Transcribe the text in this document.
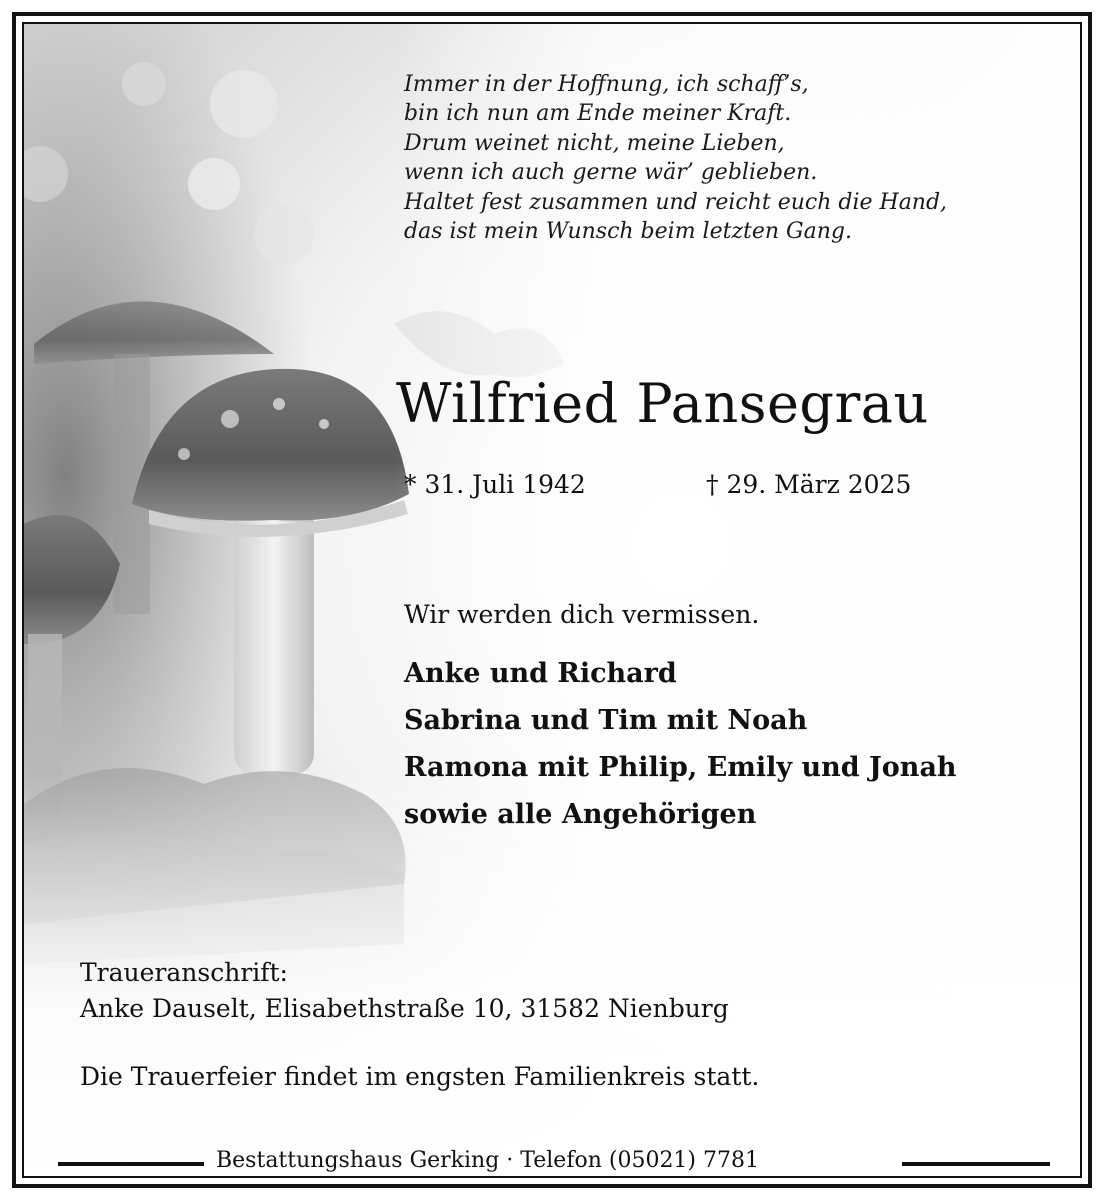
Immer in der Hoffnung, ich schaff’s,
bin ich nun am Ende meiner Kraft.
Drum weinet nicht, meine Lieben,
wenn ich auch gerne wär’ geblieben.
Haltet fest zusammen und reicht euch die Hand,
das ist mein Wunsch beim letzten Gang.
Wilfried Pansegrau
* 31. Juli 1942	† 29. März 2025
Wir werden dich vermissen.
Anke und Richard
Sabrina und Tim mit Noah
Ramona mit Philip, Emily und Jonah
sowie alle Angehörigen
Traueranschrift:
Anke Dauselt, Elisabethstraße 10, 31582 Nienburg
Die Trauerfeier findet im engsten Familienkreis statt.
Bestattungshaus Gerking · Telefon (05021) 7781
